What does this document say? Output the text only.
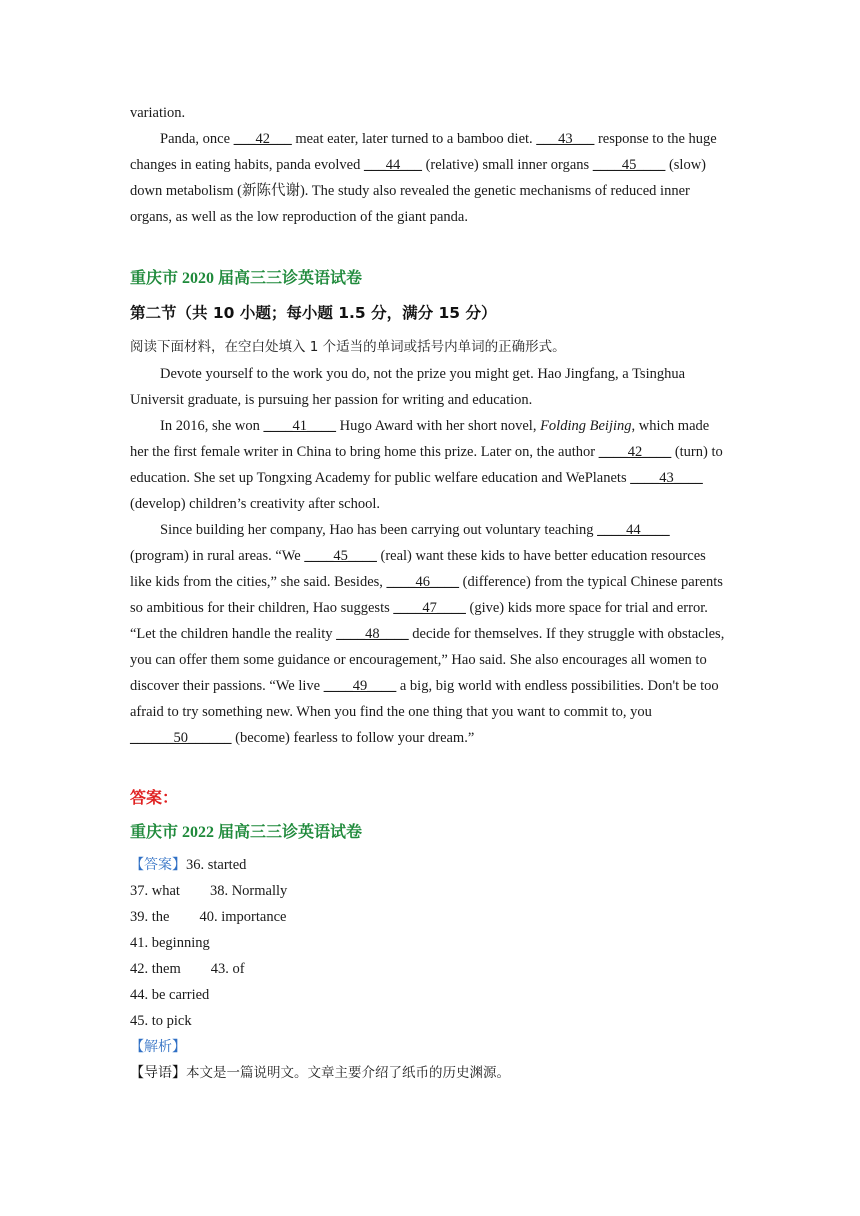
variation.
Panda, once ___42___ meat eater, later turned to a bamboo diet. ___43___ response to the huge changes in eating habits, panda evolved ___44___ (relative) small inner organs ____45____ (slow) down metabolism (新陈代谢). The study also revealed the genetic mechanisms of reduced inner organs, as well as the low reproduction of the giant panda.
重庆市 2020 届高三三诊英语试卷
第二节（共 10 小题；每小题 1.5 分，满分 15 分）
阅读下面材料，在空白处填入 1 个适当的单词或括号内单词的正确形式。
Devote yourself to the work you do, not the prize you might get. Hao Jingfang, a Tsinghua Universit graduate, is pursuing her passion for writing and education.
In 2016, she won ____41____ Hugo Award with her short novel, Folding Beijing, which made her the first female writer in China to bring home this prize. Later on, the author ____42____ (turn) to education. She set up Tongxing Academy for public welfare education and WePlanets ____43____ (develop) children’s creativity after school.
Since building her company, Hao has been carrying out voluntary teaching ____44____ (program) in rural areas. “We ____45____ (real) want these kids to have better education resources like kids from the cities,” she said. Besides, ____46____ (difference) from the typical Chinese parents so ambitious for their children, Hao suggests ____47____ (give) kids more space for trial and error. “Let the children handle the reality ____48____ decide for themselves. If they struggle with obstacles, you can offer them some guidance or encouragement,” Hao said. She also encourages all women to discover their passions. “We live ____49____ a big, big world with endless possibilities. Don't be too afraid to try something new. When you find the one thing that you want to commit to, you ______50______ (become) fearless to follow your dream.”
答案：
重庆市 2022 届高三三诊英语试卷
【答案】36. started
37. what 38. Normally
39. the 40. importance
41. beginning
42. them 43. of
44. be carried
45. to pick
【解析】
【导语】本文是一篇说明文。文章主要介绍了纸币的历史渊源。
